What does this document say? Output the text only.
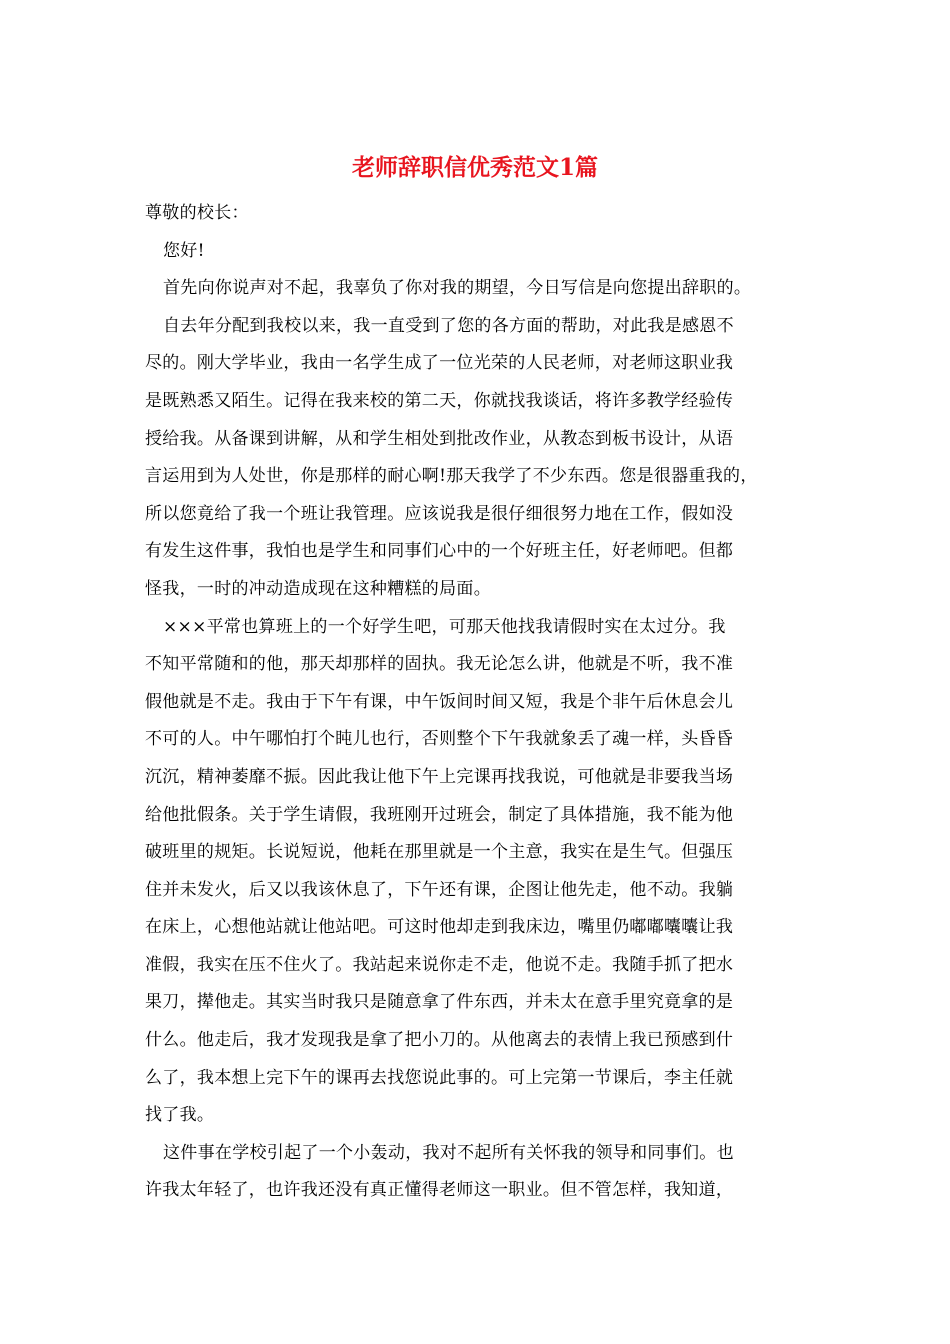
老师辞职信优秀范文1篇
尊敬的校长：
您好!
首先向你说声对不起，我辜负了你对我的期望，今日写信是向您提出辞职的。
自去年分配到我校以来，我一直受到了您的各方面的帮助，对此我是感恩不
尽的。刚大学毕业，我由一名学生成了一位光荣的人民老师，对老师这职业我
是既熟悉又陌生。记得在我来校的第二天，你就找我谈话，将许多教学经验传
授给我。从备课到讲解，从和学生相处到批改作业，从教态到板书设计，从语
言运用到为人处世，你是那样的耐心啊!那天我学了不少东西。您是很器重我的，
所以您竟给了我一个班让我管理。应该说我是很仔细很努力地在工作，假如没
有发生这件事，我怕也是学生和同事们心中的一个好班主任，好老师吧。但都
怪我，一时的冲动造成现在这种糟糕的局面。
×××平常也算班上的一个好学生吧，可那天他找我请假时实在太过分。我
不知平常随和的他，那天却那样的固执。我无论怎么讲，他就是不听，我不准
假他就是不走。我由于下午有课，中午饭间时间又短，我是个非午后休息会儿
不可的人。中午哪怕打个盹儿也行，否则整个下午我就象丢了魂一样，头昏昏
沉沉，精神萎靡不振。因此我让他下午上完课再找我说，可他就是非要我当场
给他批假条。关于学生请假，我班刚开过班会，制定了具体措施，我不能为他
破班里的规矩。长说短说，他耗在那里就是一个主意，我实在是生气。但强压
住并未发火，后又以我该休息了，下午还有课，企图让他先走，他不动。我躺
在床上，心想他站就让他站吧。可这时他却走到我床边，嘴里仍嘟嘟囔囔让我
准假，我实在压不住火了。我站起来说你走不走，他说不走。我随手抓了把水
果刀，撵他走。其实当时我只是随意拿了件东西，并未太在意手里究竟拿的是
什么。他走后，我才发现我是拿了把小刀的。从他离去的表情上我已预感到什
么了，我本想上完下午的课再去找您说此事的。可上完第一节课后，李主任就
找了我。
这件事在学校引起了一个小轰动，我对不起所有关怀我的领导和同事们。也
许我太年轻了，也许我还没有真正懂得老师这一职业。但不管怎样，我知道，
